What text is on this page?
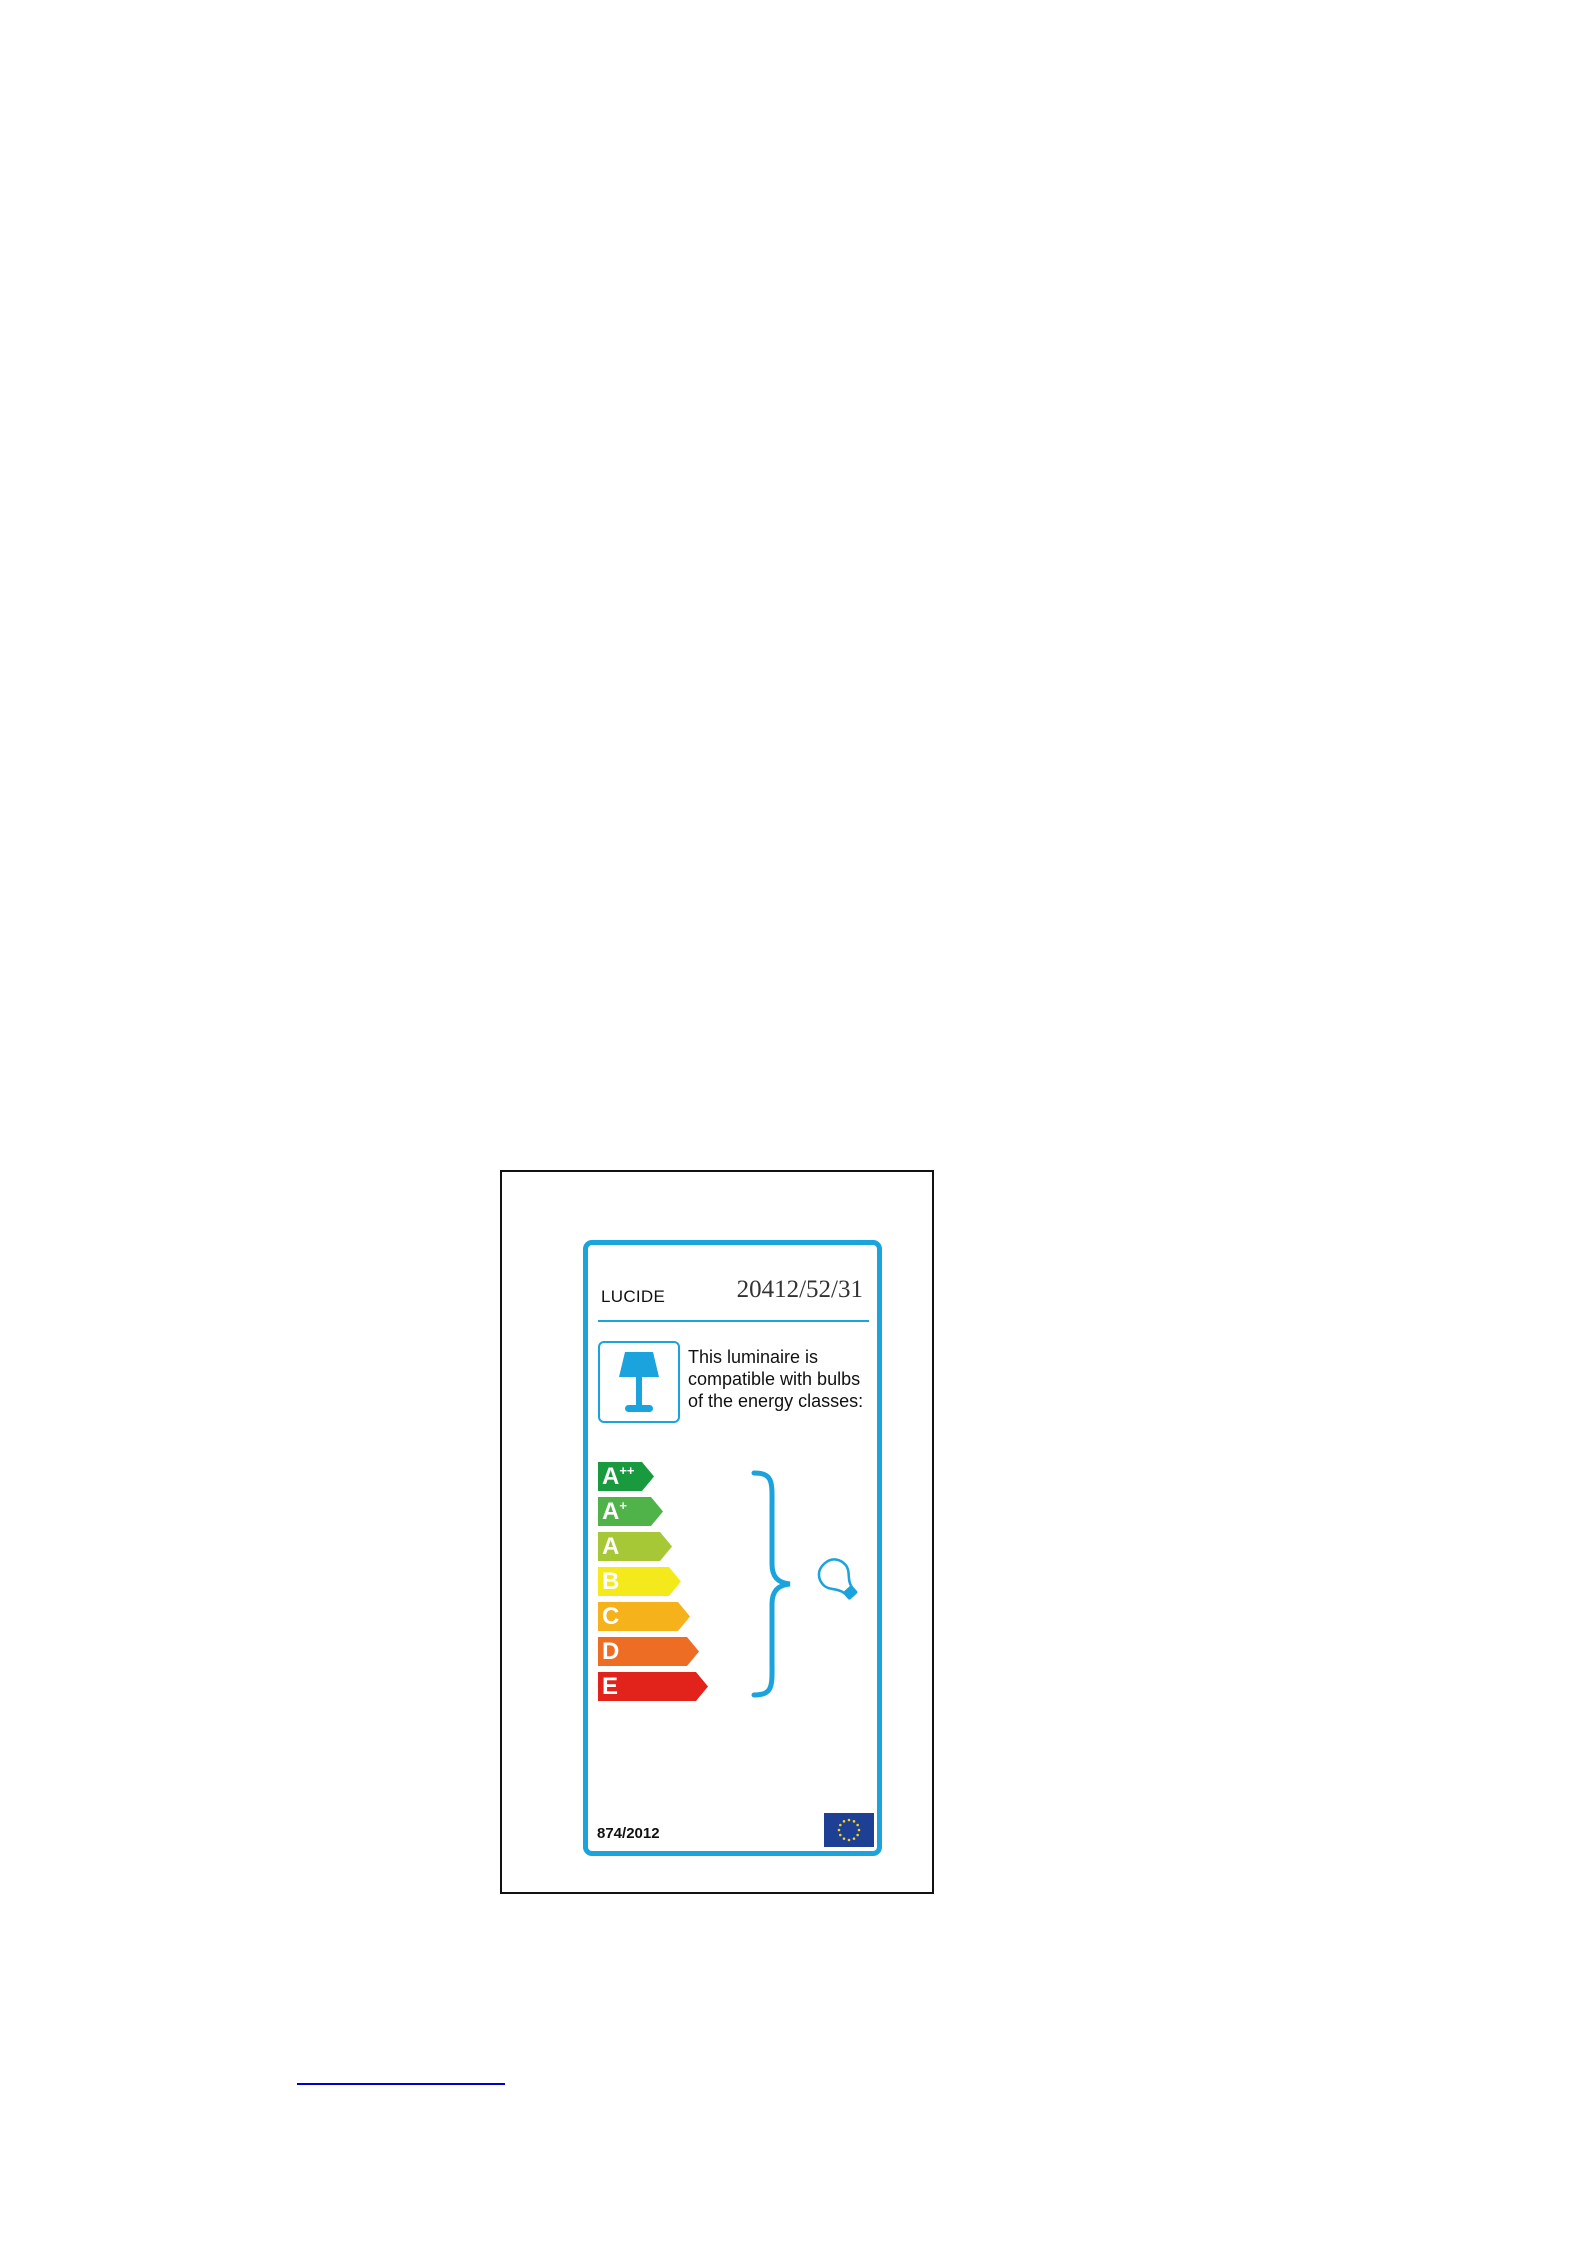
LUCIDE	20412/52/31
This luminaire is compatible with bulbs of the energy classes:
A++
A+
A
B
C
D
E
874/2012
